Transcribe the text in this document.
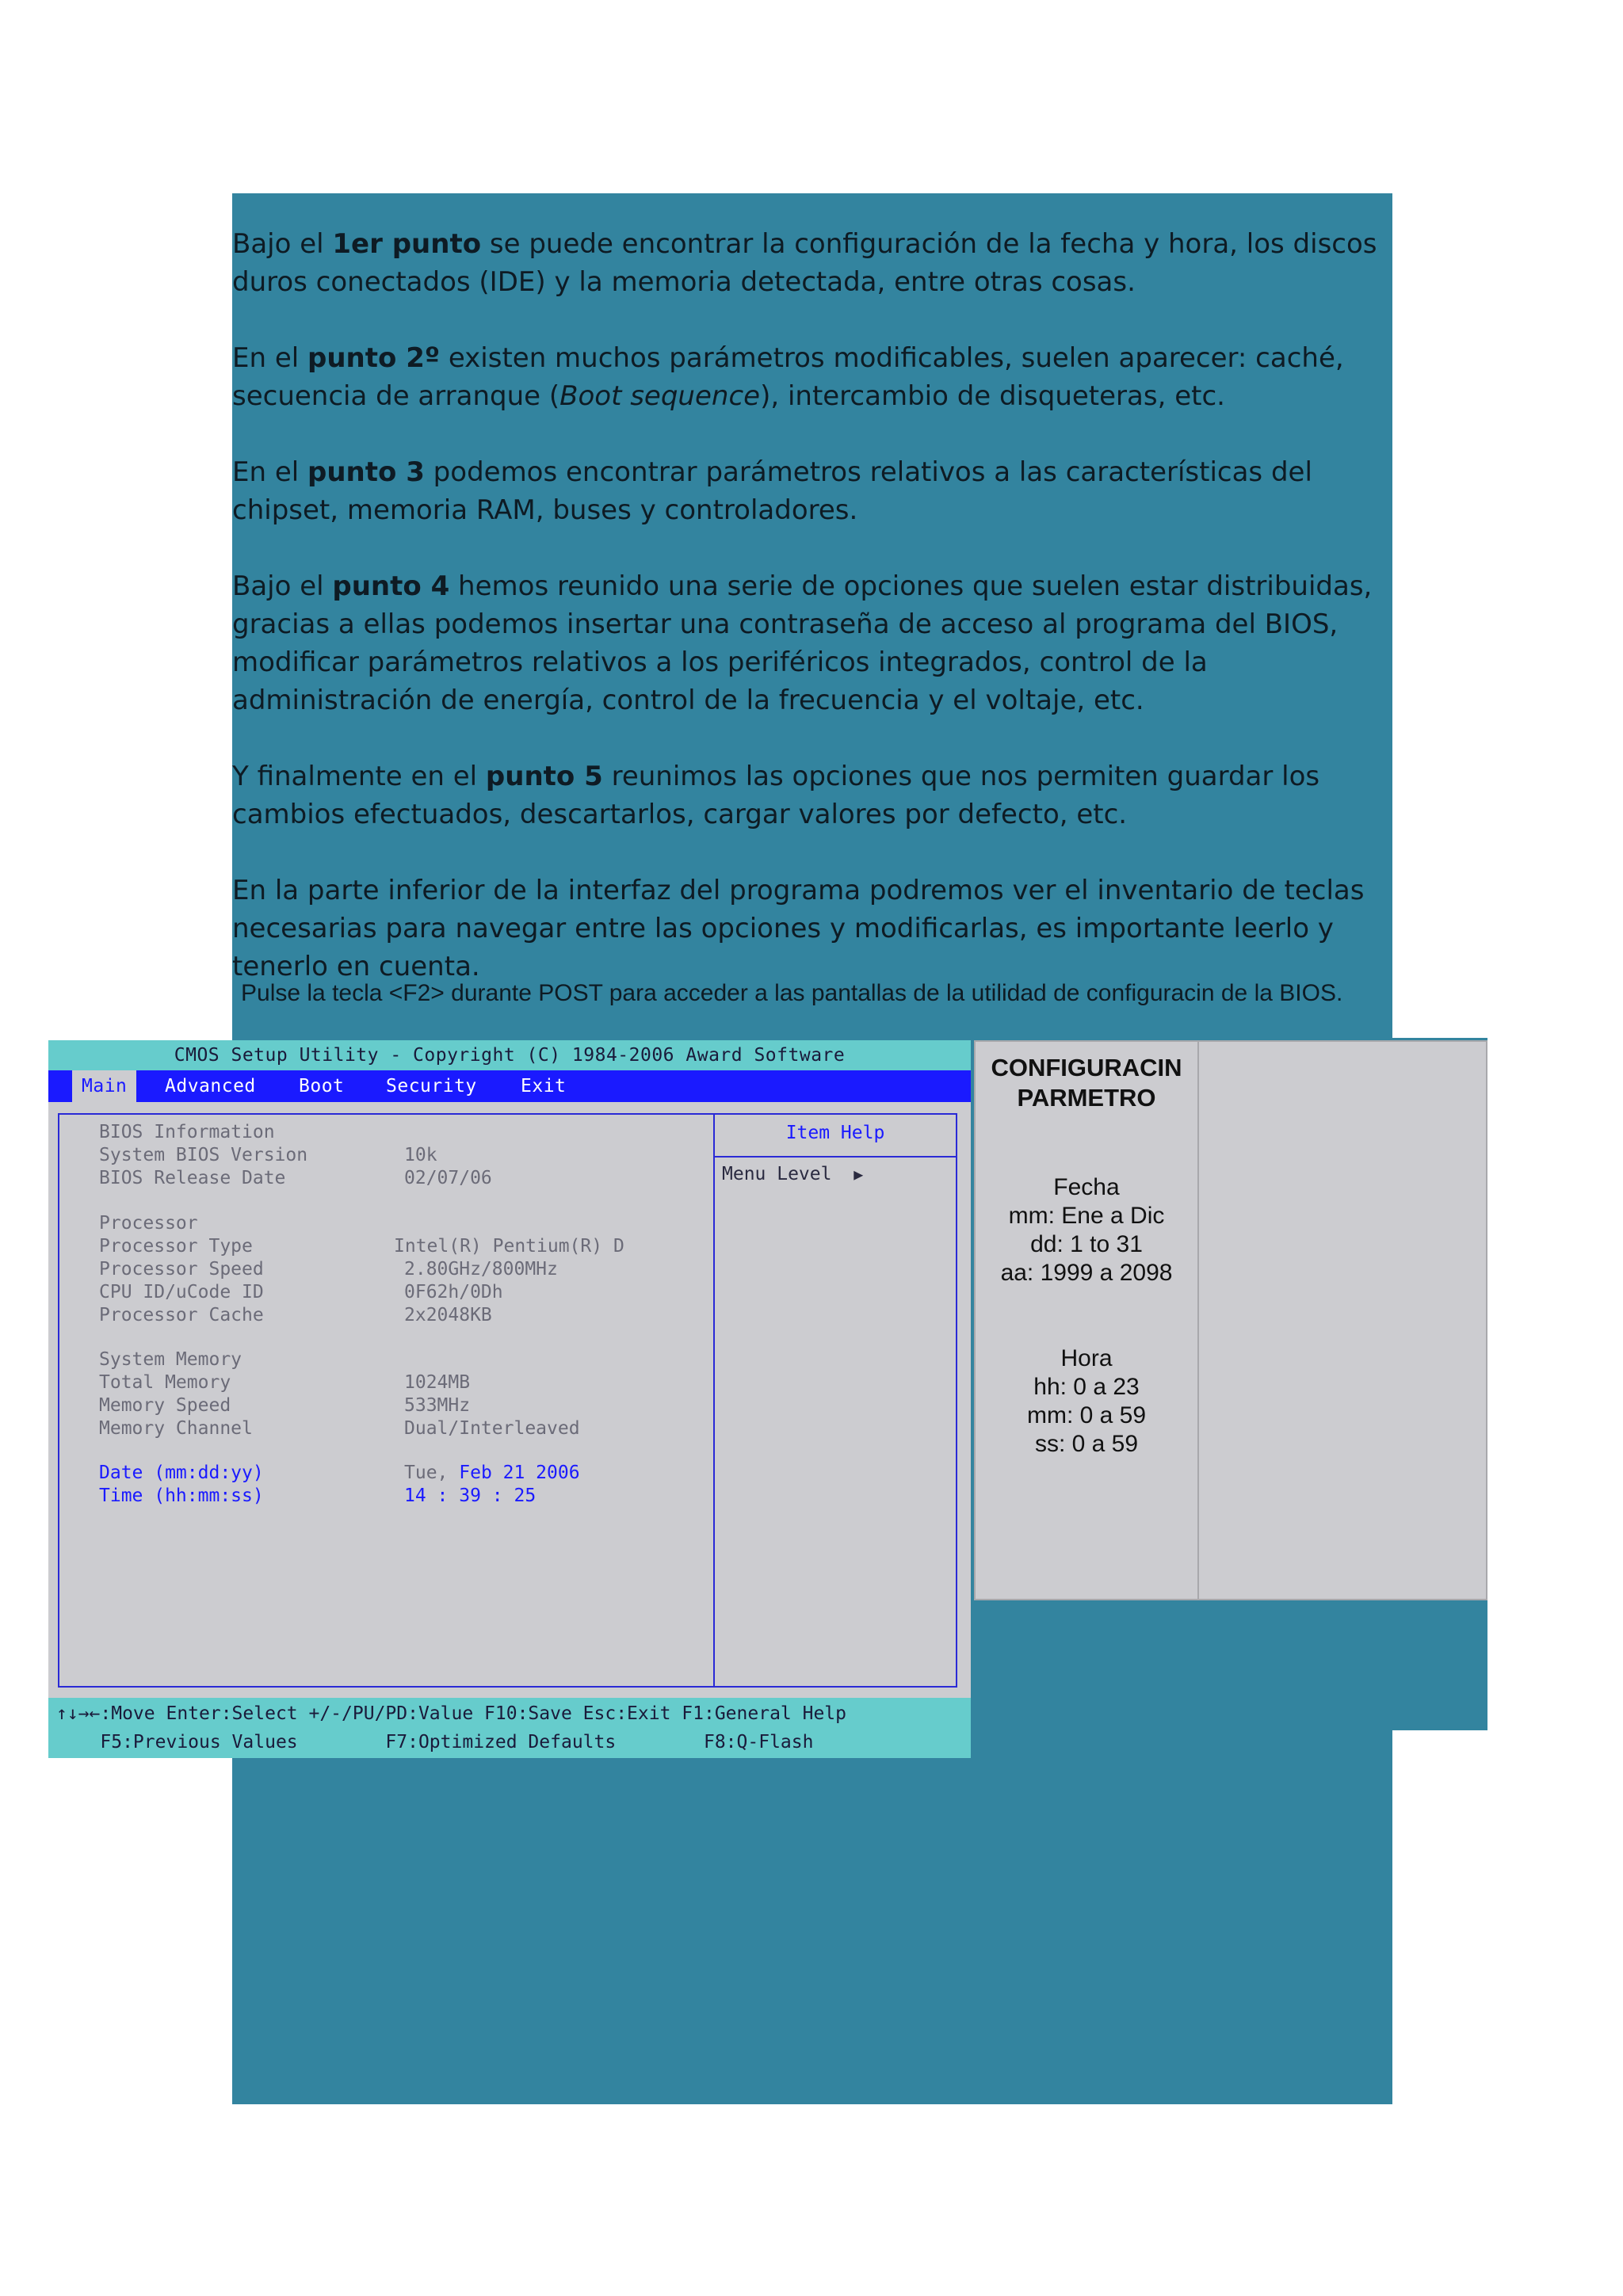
Bajo el 1er punto se puede encontrar la configuración de la fecha y hora, los discos duros conectados (IDE) y la memoria detectada, entre otras cosas.

En el punto 2º existen muchos parámetros modificables, suelen aparecer: caché, secuencia de arranque (Boot sequence), intercambio de disqueteras, etc.

En el punto 3 podemos encontrar parámetros relativos a las características del chipset, memoria RAM, buses y controladores.

Bajo el punto 4 hemos reunido una serie de opciones que suelen estar distribuidas, gracias a ellas podemos insertar una contraseña de acceso al programa del BIOS, modificar parámetros relativos a los periféricos integrados, control de la
administración de energía, control de la frecuencia y el voltaje, etc.

Y finalmente en el punto 5 reunimos las opciones que nos permiten guardar los cambios efectuados, descartarlos, cargar valores por defecto, etc.

En la parte inferior de la interfaz del programa podremos ver el inventario de teclas necesarias para navegar entre las opciones y modificarlas, es importante leerlo y tenerlo en cuenta.

Pulse la tecla <F2> durante POST para acceder a las pantallas de la utilidad de configuracin de la BIOS.
CMOS Setup Utility - Copyright (C) 1984-2006 Award Software
Main	Advanced	Boot	Security	Exit
Item Help
Menu Level ▶
BIOS Information
System BIOS Version	10k
BIOS Release Date	02/07/06
Processor
Processor Type	Intel(R) Pentium(R) D
Processor Speed	2.80GHz/800MHz
CPU ID/uCode ID	0F62h/0Dh
Processor Cache	2x2048KB
System Memory
Total Memory	1024MB
Memory Speed	533MHz
Memory Channel	Dual/Interleaved
Date (mm:dd:yy)	Tue, Feb 21 2006
Time (hh:mm:ss)	14 : 39 : 25
↑↓→←:Move Enter:Select +/-/PU/PD:Value F10:Save Esc:Exit F1:General Help
F5:Previous Values        F7:Optimized Defaults        F8:Q-Flash
CONFIGURACIN
PARMETRO
Fecha
mm: Ene a Dic
dd: 1 to 31
aa: 1999 a 2098
Hora
hh: 0 a 23
mm: 0 a 59
ss: 0 a 59
